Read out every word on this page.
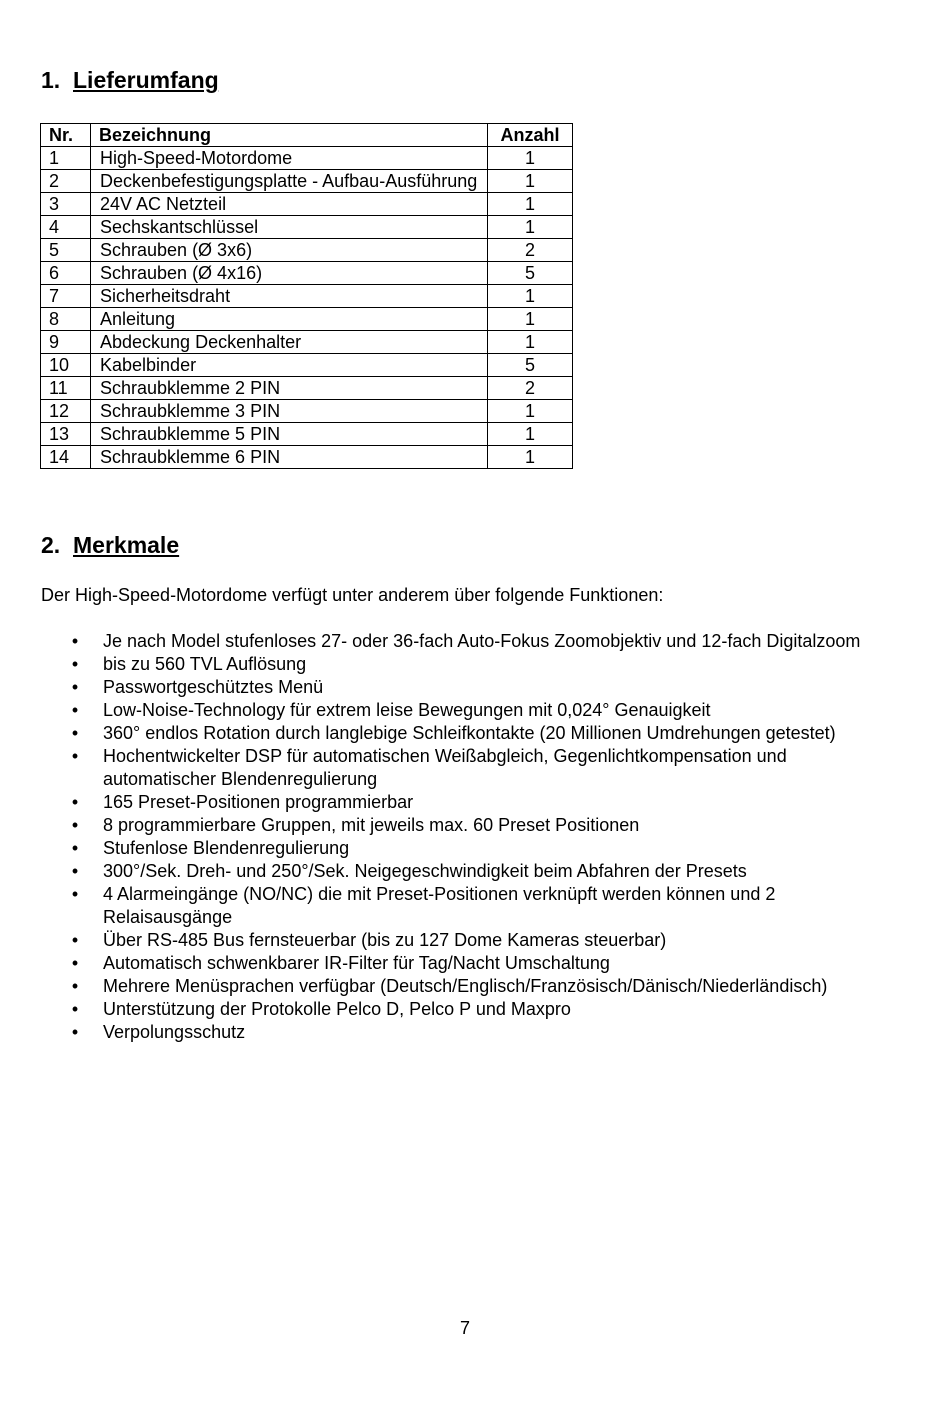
1. Lieferumfang
Nr.	Bezeichnung	Anzahl
1	High-Speed-Motordome	1
2	Deckenbefestigungsplatte - Aufbau-Ausführung	1
3	24V AC Netzteil	1
4	Sechskantschlüssel	1
5	Schrauben (Ø 3x6)	2
6	Schrauben (Ø 4x16)	5
7	Sicherheitsdraht	1
8	Anleitung	1
9	Abdeckung Deckenhalter	1
10	Kabelbinder	5
11	Schraubklemme 2 PIN	2
12	Schraubklemme 3 PIN	1
13	Schraubklemme 5 PIN	1
14	Schraubklemme 6 PIN	1
2. Merkmale

Der High-Speed-Motordome verfügt unter anderem über folgende Funktionen:

• Je nach Model stufenloses 27- oder 36-fach Auto-Fokus Zoomobjektiv und 12-fach Digitalzoom
• bis zu 560 TVL Auflösung
• Passwortgeschütztes Menü
• Low-Noise-Technology für extrem leise Bewegungen mit 0,024° Genauigkeit
• 360° endlos Rotation durch langlebige Schleifkontakte (20 Millionen Umdrehungen getestet)
• Hochentwickelter DSP für automatischen Weißabgleich, Gegenlichtkompensation und automatischer Blendenregulierung
• 165 Preset-Positionen programmierbar
• 8 programmierbare Gruppen, mit jeweils max. 60 Preset Positionen
• Stufenlose Blendenregulierung
• 300°/Sek. Dreh- und 250°/Sek. Neigegeschwindigkeit beim Abfahren der Presets
• 4 Alarmeingänge (NO/NC) die mit Preset-Positionen verknüpft werden können und 2 Relaisausgänge
• Über RS-485 Bus fernsteuerbar (bis zu 127 Dome Kameras steuerbar)
• Automatisch schwenkbarer IR-Filter für Tag/Nacht Umschaltung
• Mehrere Menüsprachen verfügbar (Deutsch/Englisch/Französisch/Dänisch/Niederländisch)
• Unterstützung der Protokolle Pelco D, Pelco P und Maxpro
• Verpolungsschutz
7
